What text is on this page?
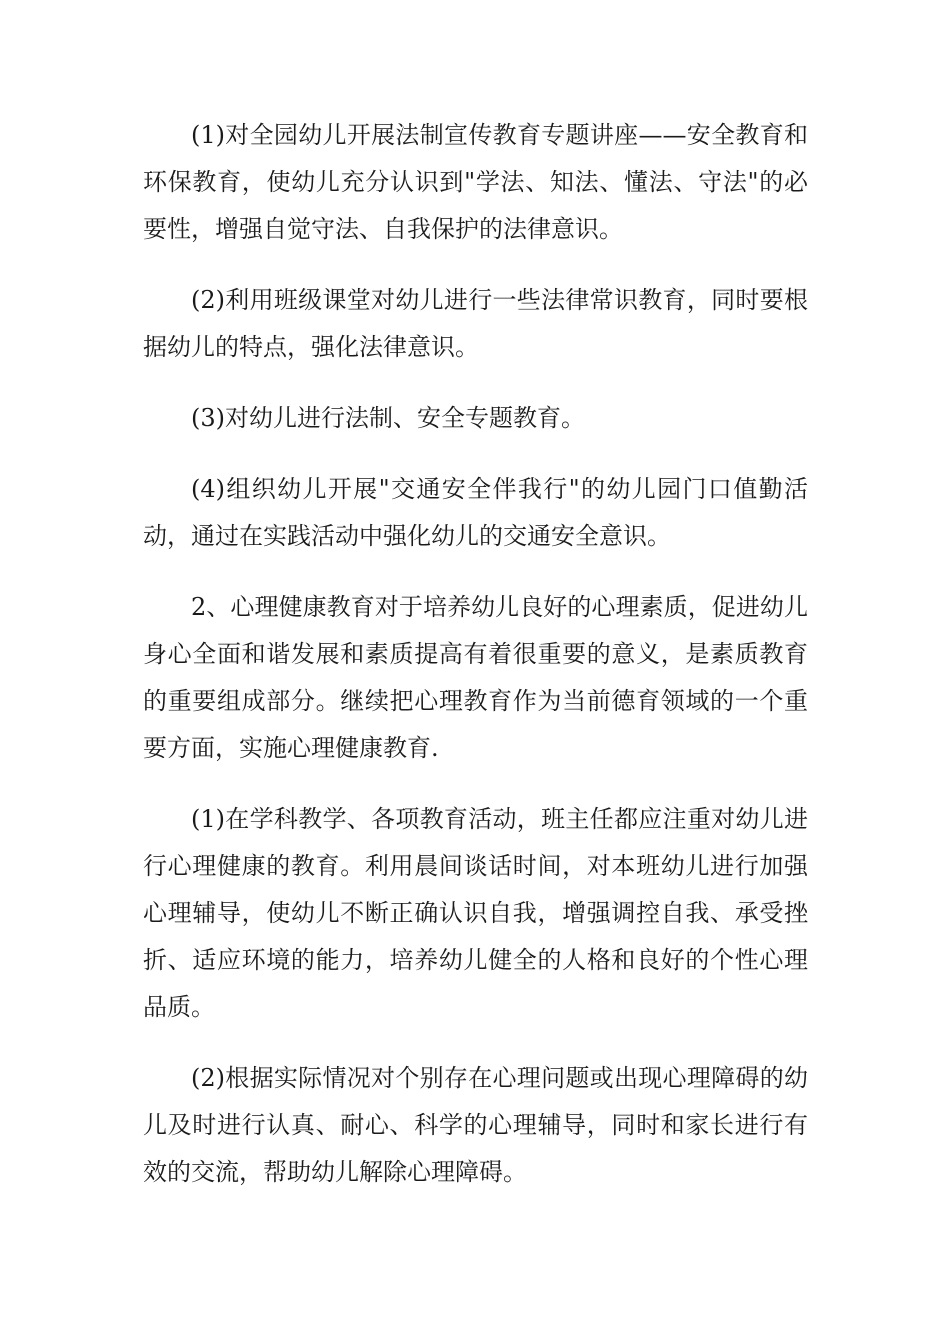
(1)对全园幼儿开展法制宣传教育专题讲座——安全教育和环保教育，使幼儿充分认识到"学法、知法、懂法、守法"的必要性，增强自觉守法、自我保护的法律意识。

(2)利用班级课堂对幼儿进行一些法律常识教育，同时要根据幼儿的特点，强化法律意识。

(3)对幼儿进行法制、安全专题教育。

(4)组织幼儿开展"交通安全伴我行"的幼儿园门口值勤活动，通过在实践活动中强化幼儿的交通安全意识。

2、心理健康教育对于培养幼儿良好的心理素质，促进幼儿身心全面和谐发展和素质提高有着很重要的意义，是素质教育的重要组成部分。继续把心理教育作为当前德育领域的一个重要方面，实施心理健康教育.

(1)在学科教学、各项教育活动，班主任都应注重对幼儿进行心理健康的教育。利用晨间谈话时间，对本班幼儿进行加强心理辅导，使幼儿不断正确认识自我，增强调控自我、承受挫折、适应环境的能力，培养幼儿健全的人格和良好的个性心理品质。

(2)根据实际情况对个别存在心理问题或出现心理障碍的幼儿及时进行认真、耐心、科学的心理辅导，同时和家长进行有效的交流，帮助幼儿解除心理障碍。
